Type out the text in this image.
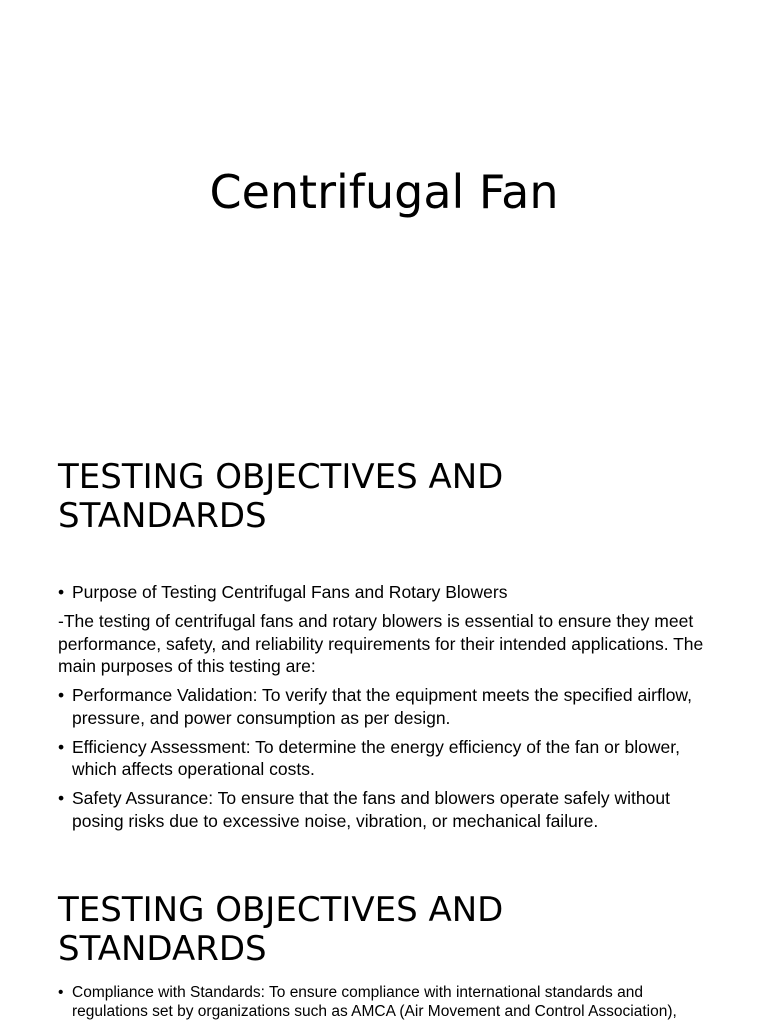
Centrifugal Fan
TESTING OBJECTIVES AND STANDARDS
• Purpose of Testing Centrifugal Fans and Rotary Blowers
-The testing of centrifugal fans and rotary blowers is essential to ensure they meet performance, safety, and reliability requirements for their intended applications. The main purposes of this testing are:
• Performance Validation: To verify that the equipment meets the specified airflow, pressure, and power consumption as per design.
• Efficiency Assessment: To determine the energy efficiency of the fan or blower, which affects operational costs.
• Safety Assurance: To ensure that the fans and blowers operate safely without posing risks due to excessive noise, vibration, or mechanical failure.
TESTING OBJECTIVES AND STANDARDS
• Compliance with Standards: To ensure compliance with international standards and regulations set by organizations such as AMCA (Air Movement and Control Association),
